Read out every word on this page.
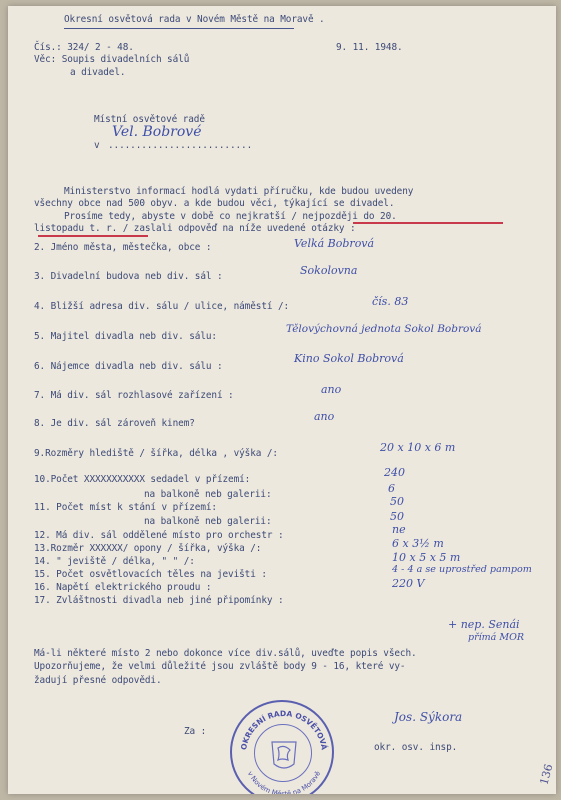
Okresní osvětová rada v Novém Městě na Moravě .
Čís.: 324/ 2 - 48.	9. 11. 1948.
Věc: Soupis divadelních sálů
a divadel.
Místní osvětové radě
v ..........................
Vel. Bobrové
Ministerstvo informací hodlá vydati příručku, kde budou uvedeny
všechny obce nad 500 obyv. a kde budou věci, týkající se divadel.
Prosíme tedy, abyste v době co nejkratší / nejpozději do 20.
listopadu t. r. / zaslali odpověď na níže uvedené otázky :
2. Jméno města, městečka, obce :	Velká Bobrová
3. Divadelní budova neb div. sál :	Sokolovna
4. Bližší adresa div. sálu / ulice, náměstí /:	čís. 83
5. Majitel divadla neb div. sálu:
Tělovýchovná jednota Sokol Bobrová
6. Nájemce divadla neb div. sálu :
Kino Sokol Bobrová
7. Má div. sál rozhlasové zařízení :	ano
8. Je div. sál zároveň kinem?
ano
9.Rozměry hlediště / šířka, délka , výška /:	20 x 10 x 6 m
10.Počet XXXXXXXXXXX sedadel v přízemí:
240
na balkoně neb galerii:	6
11. Počet míst k stání v přízemí:	50
na balkoně neb galerii:	50
12. Má div. sál oddělené místo pro orchestr :	ne
13.Rozměr XXXXXX/ opony / šířka, výška /:	6 x 3½ m
14. " jeviště / délka, " " /:	10 x 5 x 5 m
15. Počet osvětlovacích těles na jevišti :	4 - 4 a se uprostřed pampom
16. Napětí elektrického proudu :	220 V
17. Zvláštnosti divadla neb jiné připomínky :
+ nep. Senái
přímá MOR
Má-li některé místo 2 nebo dokonce více div.sálů, uveďte popis všech.
Upozorňujeme, že velmi důležité jsou zvláště body 9 - 16, které vy-
žadují přesné odpovědi.
Za :
Jos. Sýkora
okr. osv. insp.
OKRESNÍ RADA OSVĚTOVÁ
v Novém Městě na Moravě	136
